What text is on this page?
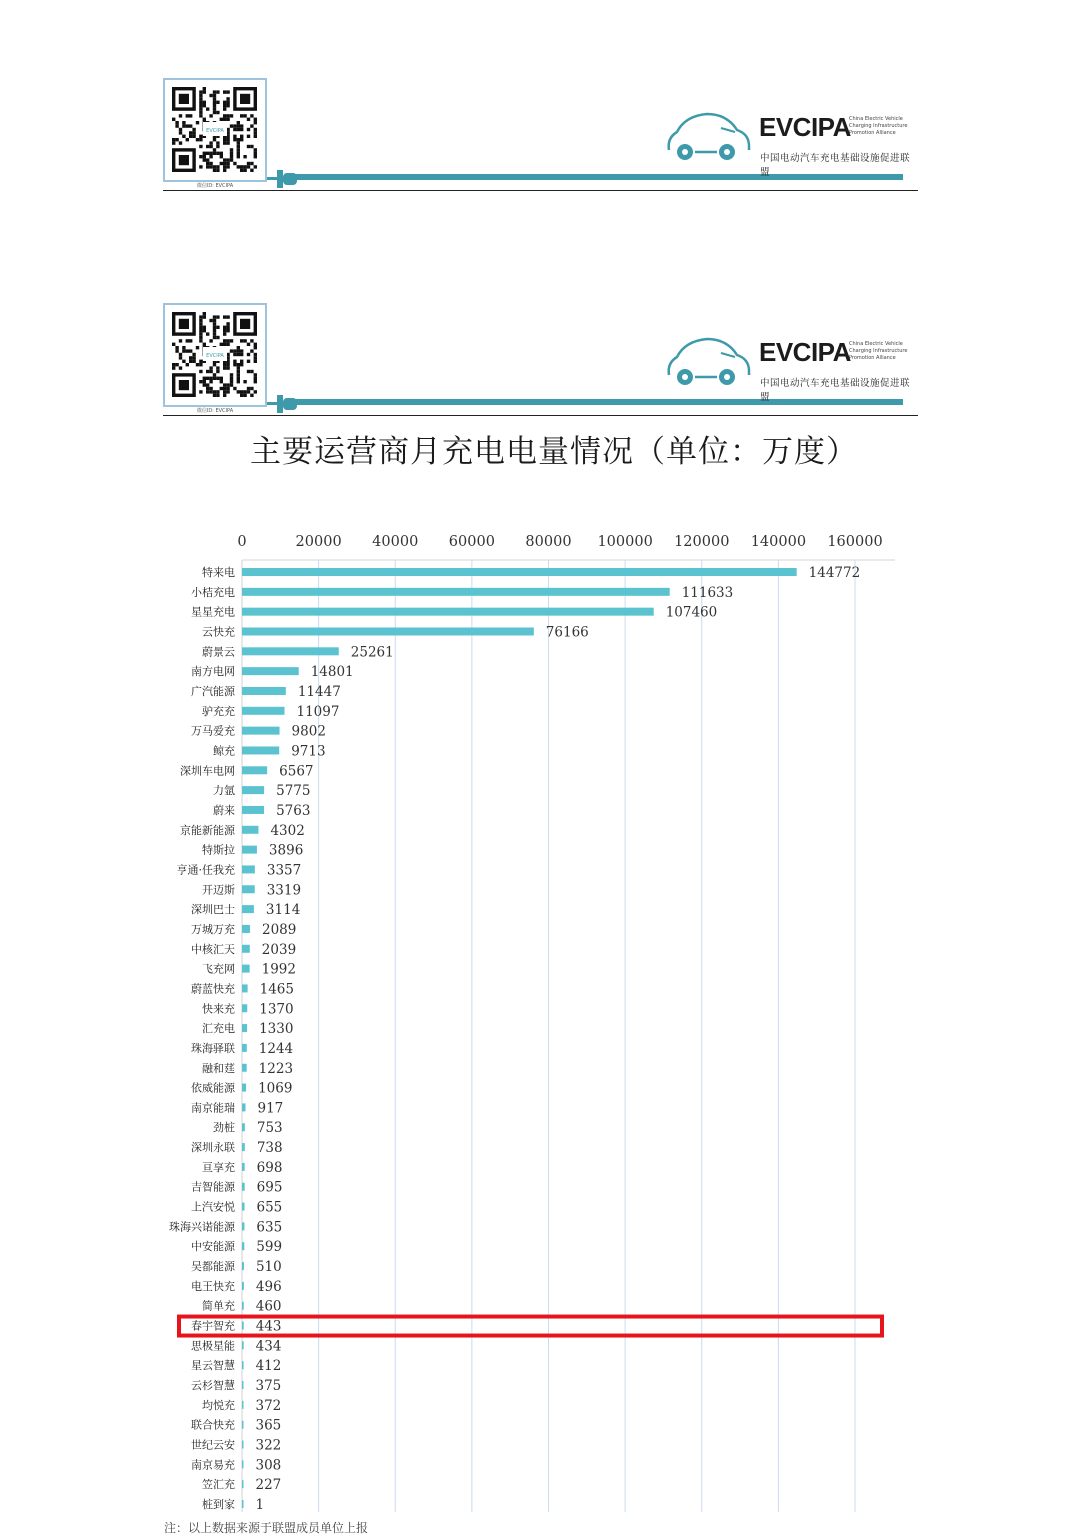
EVCIPA
微信ID: EVCIPA
EVCIPA
China Electric Vehicle
Charging Infrastructure
Promotion Alliance
中国电动汽车充电基础设施促进联盟
EVCIPA
微信ID: EVCIPA
EVCIPA
China Electric Vehicle
Charging Infrastructure
Promotion Alliance
中国电动汽车充电基础设施促进联盟
主要运营商月充电电量情况（单位：万度）
0	20000 40000 60000 80000 100000 120000 140000 160000
特来电	144772
小桔充电	111633
星星充电	107460
云快充	76166
蔚景云	25261
南方电网	14801
广汽能源	11447
驴充充	11097
万马爱充	9802
鲸充	9713
深圳车电网	6567
力氩	5775
蔚来	5763
京能新能源	4302
特斯拉	3896
亨通·任我充 3357
开迈斯 3319
深圳巴士 3114
万城万充 2089
中核汇天 2039
飞充网 1992
蔚蓝快充 1465
快来充 1370
汇充电 1330
珠海驿联 1244
融和莛 1223
依威能源 1069
南京能瑞 917
劲桩 753
深圳永联 738
亘享充 698
吉智能源 695
上汽安悦 655
珠海兴诺能源 635
中安能源 599
吴都能源 510
电王快充 496
简单充 460
春宇智充 443
思极星能 434
星云智慧 412
云杉智慧 375
均悦充 372
联合快充 365
世纪云安 322
南京易充 308
笠汇充 227
桩到家 1
注：以上数据来源于联盟成员单位上报
